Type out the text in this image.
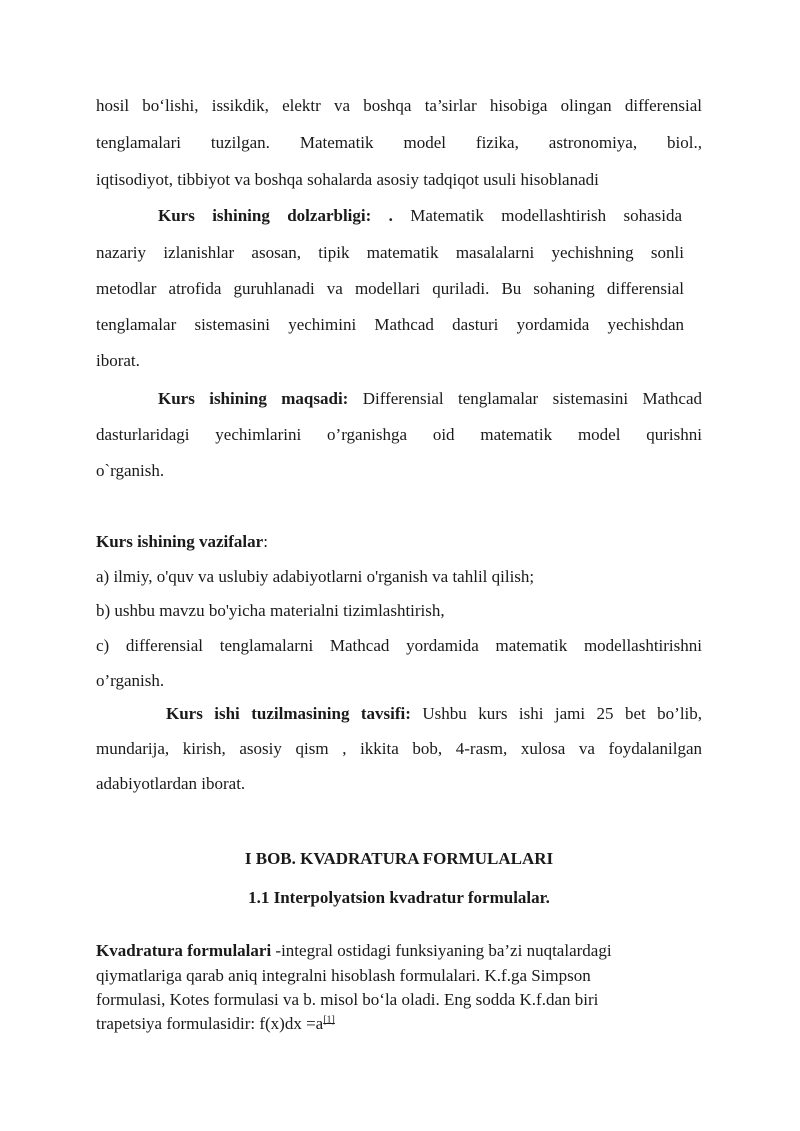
hosil bo‘lishi, issikdik, elektr va boshqa ta’sirlar hisobiga olingan differensial
tenglamalari tuzilgan. Matematik model fizika, astronomiya, biol.,
iqtisodiyot, tibbiyot va boshqa sohalarda asosiy tadqiqot usuli hisoblanadi
Kurs ishining dolzarbligi: . Matematik modellashtirish sohasida
nazariy izlanishlar asosan, tipik matematik masalalarni yechishning sonli
metodlar atrofida guruhlanadi va modellari quriladi. Bu sohaning differensial
tenglamalar sistemasini yechimini Mathcad dasturi yordamida yechishdan
iborat.
Kurs ishining maqsadi: Differensial tenglamalar sistemasini Mathcad
dasturlaridagi yechimlarini o’rganishga oid matematik model qurishni
o`rganish.
Kurs ishining vazifalar:
a) ilmiy, o'quv va uslubiy adabiyotlarni o'rganish va tahlil qilish;
b) ushbu mavzu bo'yicha materialni tizimlashtirish,
c) differensial tenglamalarni Mathcad yordamida matematik modellashtirishni
o’rganish.
Kurs ishi tuzilmasining tavsifi: Ushbu kurs ishi jami 25 bet bo’lib,
mundarija, kirish, asosiy qism , ikkita bob, 4-rasm, xulosa va foydalanilgan
adabiyotlardan iborat.
I BOB. KVADRATURA FORMULALARI
1.1 Interpolyatsion kvadratur formulalar.
Kvadratura formulalari -integral ostidagi funksiyaning ba’zi nuqtalardagi
qiymatlariga qarab aniq integralni hisoblash formulalari. K.f.ga Simpson
formulasi, Kotes formulasi va b. misol bo‘la oladi. Eng sodda K.f.dan biri
trapetsiya formulasidir: f(x)dx =a[1]
